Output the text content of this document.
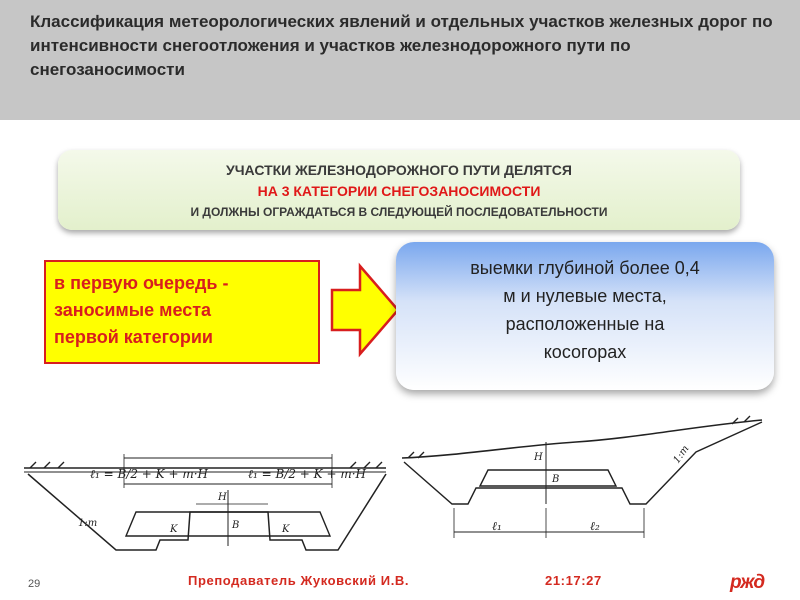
Классификация метеорологических явлений и отдельных участков железных дорог по интенсивности снегоотложения и участков железнодорожного пути по снегозаносимости
УЧАСТКИ ЖЕЛЕЗНОДОРОЖНОГО ПУТИ ДЕЛЯТСЯ
НА 3 КАТЕГОРИИ СНЕГОЗАНОСИМОСТИ
И ДОЛЖНЫ ОГРАЖДАТЬСЯ В СЛЕДУЮЩЕЙ ПОСЛЕДОВАТЕЛЬНОСТИ
в первую очередь -
заносимые места
первой категории
выемки глубиной более 0,4
м и нулевые места,
расположенные на
косогорах
ℓ₁ = B/2 + K + m·H	ℓ₁ = B/2 + K + m·H
1:m
K	K
H
B
H
B
1:m
ℓ₁	ℓ₂
29	Преподаватель Жуковский И.В.	21:17:27	ржд
